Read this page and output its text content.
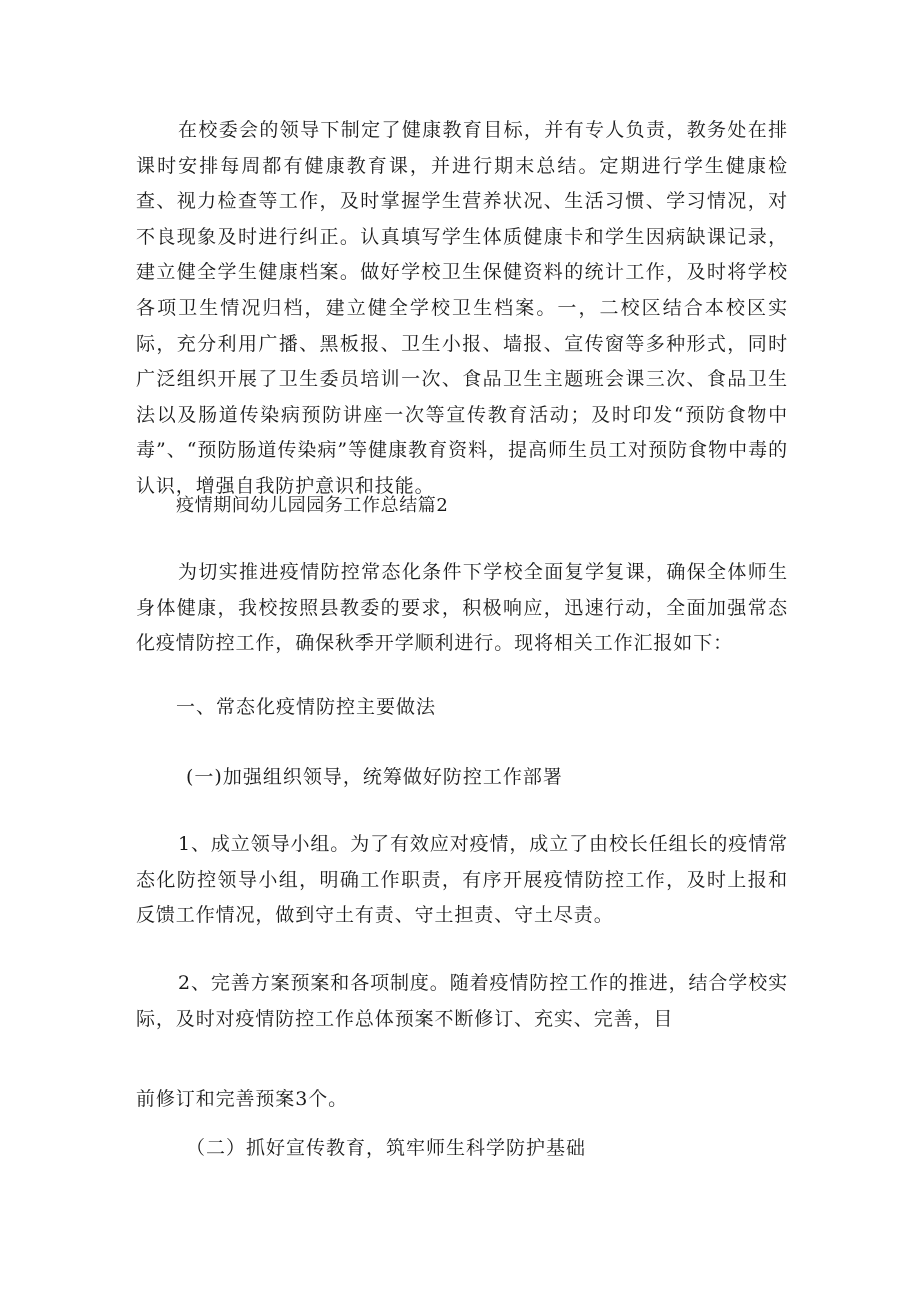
在校委会的领导下制定了健康教育目标，并有专人负责，教务处在排课时安排每周都有健康教育课，并进行期末总结。定期进行学生健康检查、视力检查等工作，及时掌握学生营养状况、生活习惯、学习情况，对不良现象及时进行纠正。认真填写学生体质健康卡和学生因病缺课记录，建立健全学生健康档案。做好学校卫生保健资料的统计工作，及时将学校各项卫生情况归档，建立健全学校卫生档案。一，二校区结合本校区实际，充分利用广播、黑板报、卫生小报、墙报、宣传窗等多种形式，同时广泛组织开展了卫生委员培训一次、食品卫生主题班会课三次、食品卫生法以及肠道传染病预防讲座一次等宣传教育活动；及时印发“预防食物中毒”、“预防肠道传染病”等健康教育资料，提高师生员工对预防食物中毒的认识，增强自我防护意识和技能。

疫情期间幼儿园园务工作总结篇2

为切实推进疫情防控常态化条件下学校全面复学复课，确保全体师生身体健康，我校按照县教委的要求，积极响应，迅速行动，全面加强常态化疫情防控工作，确保秋季开学顺利进行。现将相关工作汇报如下：

一、常态化疫情防控主要做法
(一)加强组织领导，统筹做好防控工作部署

1、成立领导小组。为了有效应对疫情，成立了由校长任组长的疫情常态化防控领导小组，明确工作职责，有序开展疫情防控工作，及时上报和反馈工作情况，做到守土有责、守土担责、守土尽责。

2、完善方案预案和各项制度。随着疫情防控工作的推进，结合学校实际，及时对疫情防控工作总体预案不断修订、充实、完善，目

前修订和完善预案3个。

（二）抓好宣传教育，筑牢师生科学防护基础
